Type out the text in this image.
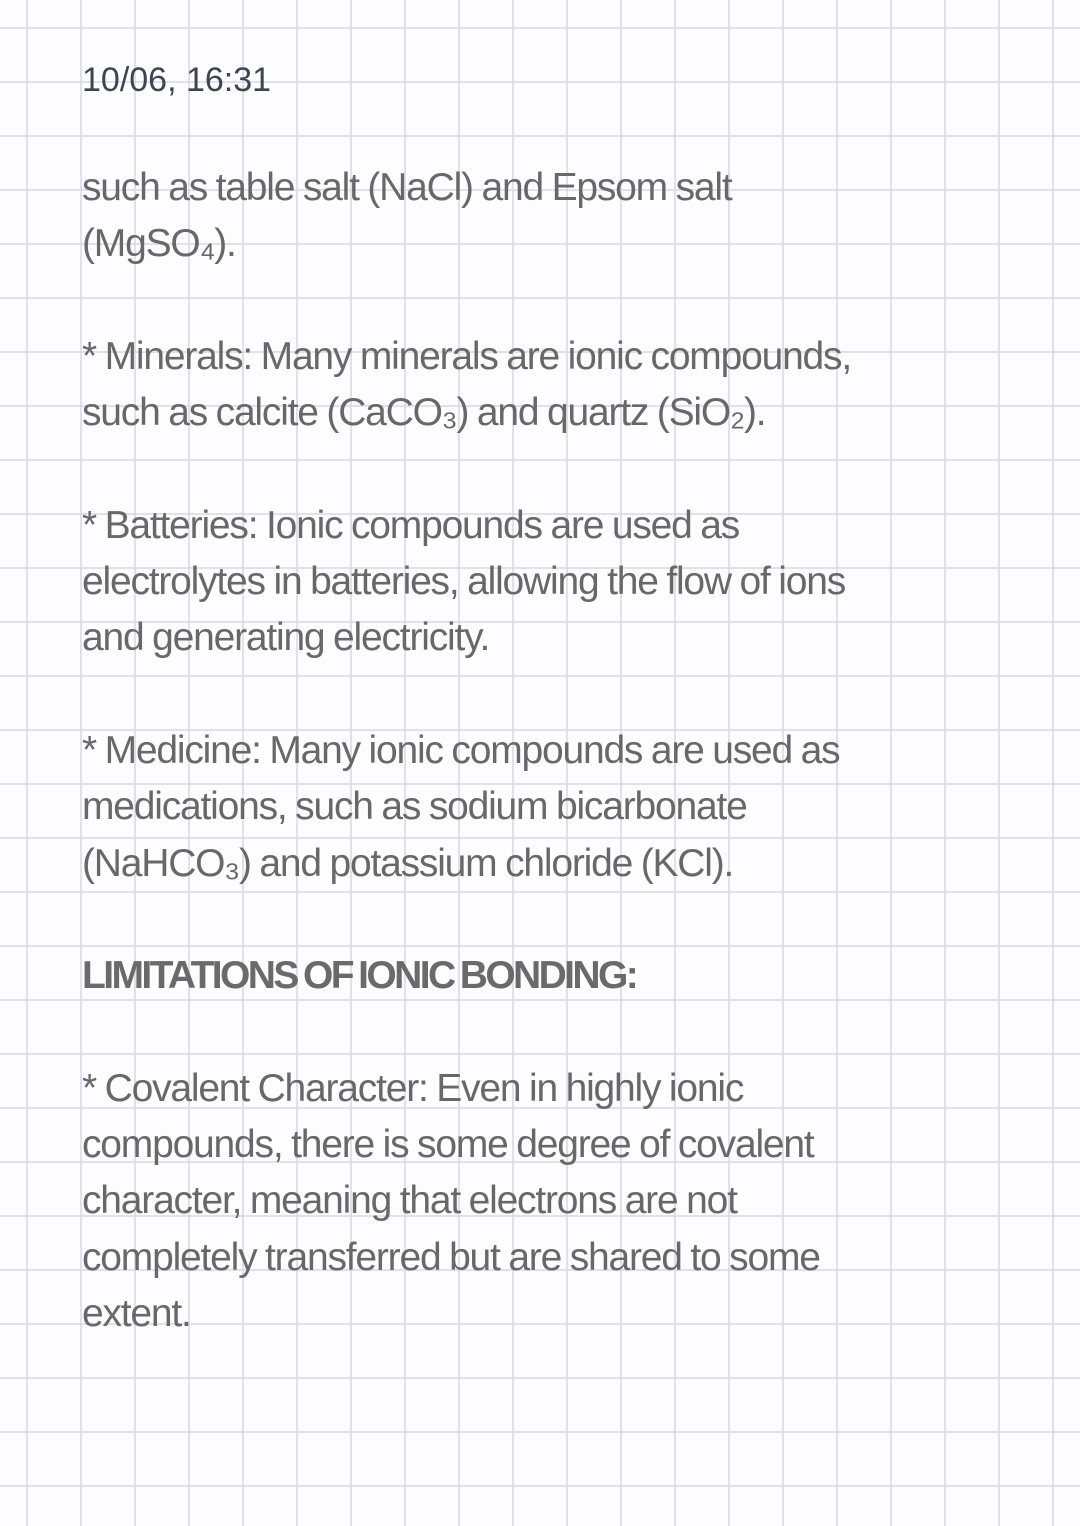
10/06, 16:31
such as table salt (NaCl) and Epsom salt
(MgSO₄).
* Minerals: Many minerals are ionic compounds,
such as calcite (CaCO₃) and quartz (SiO₂).
* Batteries: Ionic compounds are used as
electrolytes in batteries, allowing the flow of ions
and generating electricity.
* Medicine: Many ionic compounds are used as
medications, such as sodium bicarbonate
(NaHCO₃) and potassium chloride (KCl).
LIMITATIONS OF IONIC BONDING:
* Covalent Character: Even in highly ionic
compounds, there is some degree of covalent
character, meaning that electrons are not
completely transferred but are shared to some
extent.
